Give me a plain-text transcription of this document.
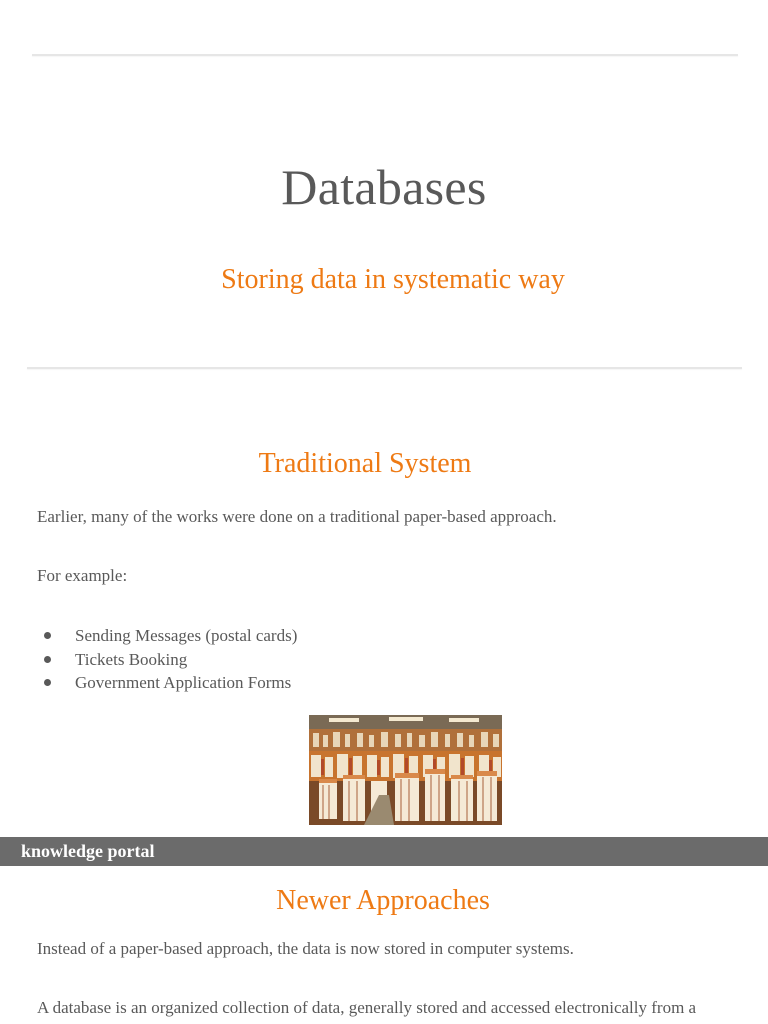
Databases
Storing data in systematic way
Traditional System
Earlier, many of the works were done on a traditional paper-based approach.
For example:
Sending Messages (postal cards)
Tickets Booking
Government Application Forms
knowledge portal
Newer Approaches
Instead of a paper-based approach, the data is now stored in computer systems.
A database is an organized collection of data, generally stored and accessed electronically from a
